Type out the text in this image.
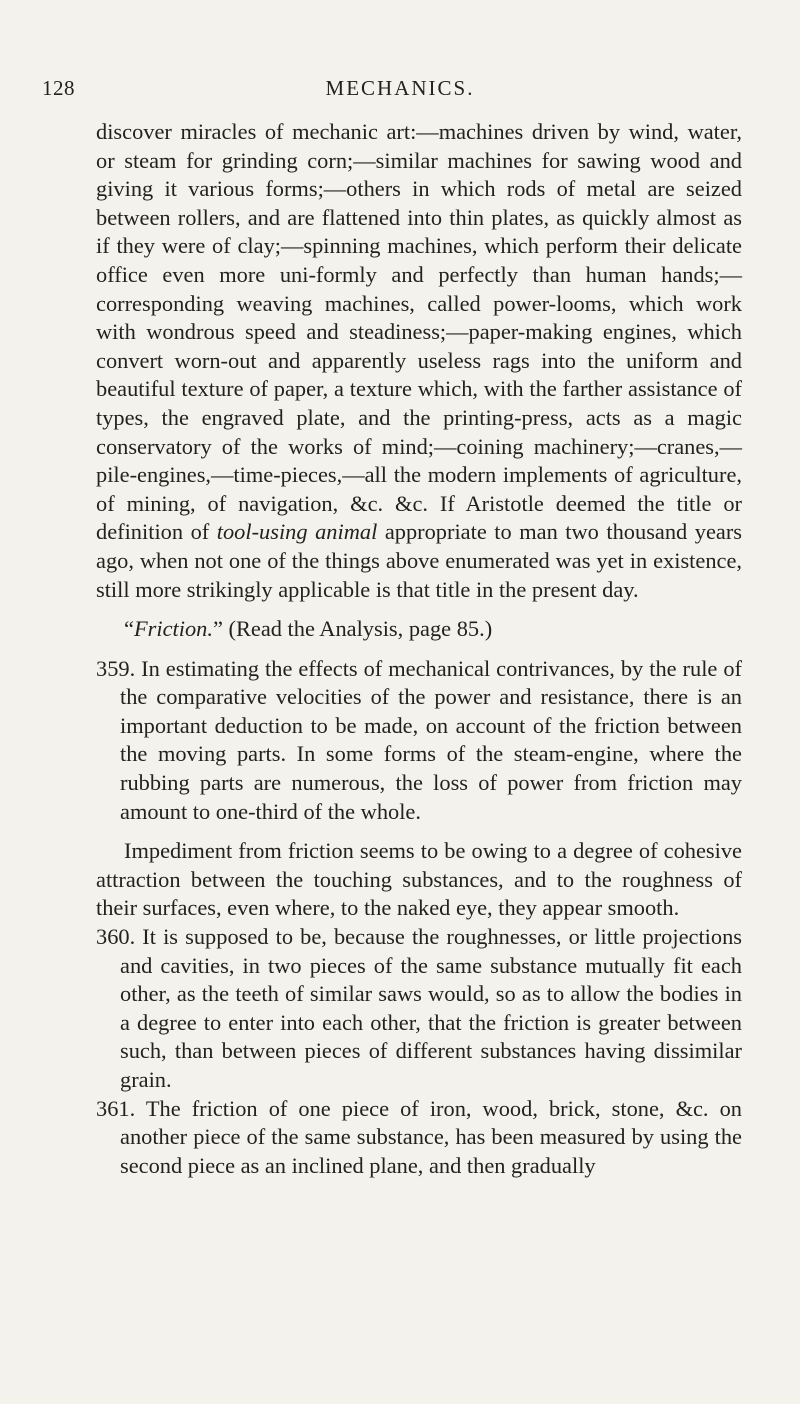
128	MECHANICS.

discover miracles of mechanic art:—machines driven by wind, water, or steam for grinding corn;—similar machines for sawing wood and giving it various forms;—others in which rods of metal are seized between rollers, and are flattened into thin plates, as quickly almost as if they were of clay;—spinning machines, which perform their delicate office even more uni-formly and perfectly than human hands;—corresponding weaving machines, called power-looms, which work with wondrous speed and steadiness;—paper-making engines, which convert worn-out and apparently useless rags into the uniform and beautiful texture of paper, a texture which, with the farther assistance of types, the engraved plate, and the printing-press, acts as a magic conservatory of the works of mind;—coining machinery;—cranes,—pile-engines,—time-pieces,—all the modern implements of agriculture, of mining, of navigation, &c. &c. If Aristotle deemed the title or definition of tool-using animal appropriate to man two thousand years ago, when not one of the things above enumerated was yet in existence, still more strikingly applicable is that title in the present day.

“Friction.” (Read the Analysis, page 85.)

359. In estimating the effects of mechanical contrivances, by the rule of the comparative velocities of the power and resistance, there is an important deduction to be made, on account of the friction between the moving parts. In some forms of the steam-engine, where the rubbing parts are numerous, the loss of power from friction may amount to one-third of the whole.

Impediment from friction seems to be owing to a degree of cohesive attraction between the touching substances, and to the roughness of their surfaces, even where, to the naked eye, they appear smooth.

360. It is supposed to be, because the roughnesses, or little projections and cavities, in two pieces of the same substance mutually fit each other, as the teeth of similar saws would, so as to allow the bodies in a degree to enter into each other, that the friction is greater between such, than between pieces of different substances having dissimilar grain.

361. The friction of one piece of iron, wood, brick, stone, &c. on another piece of the same substance, has been measured by using the second piece as an inclined plane, and then gradually
